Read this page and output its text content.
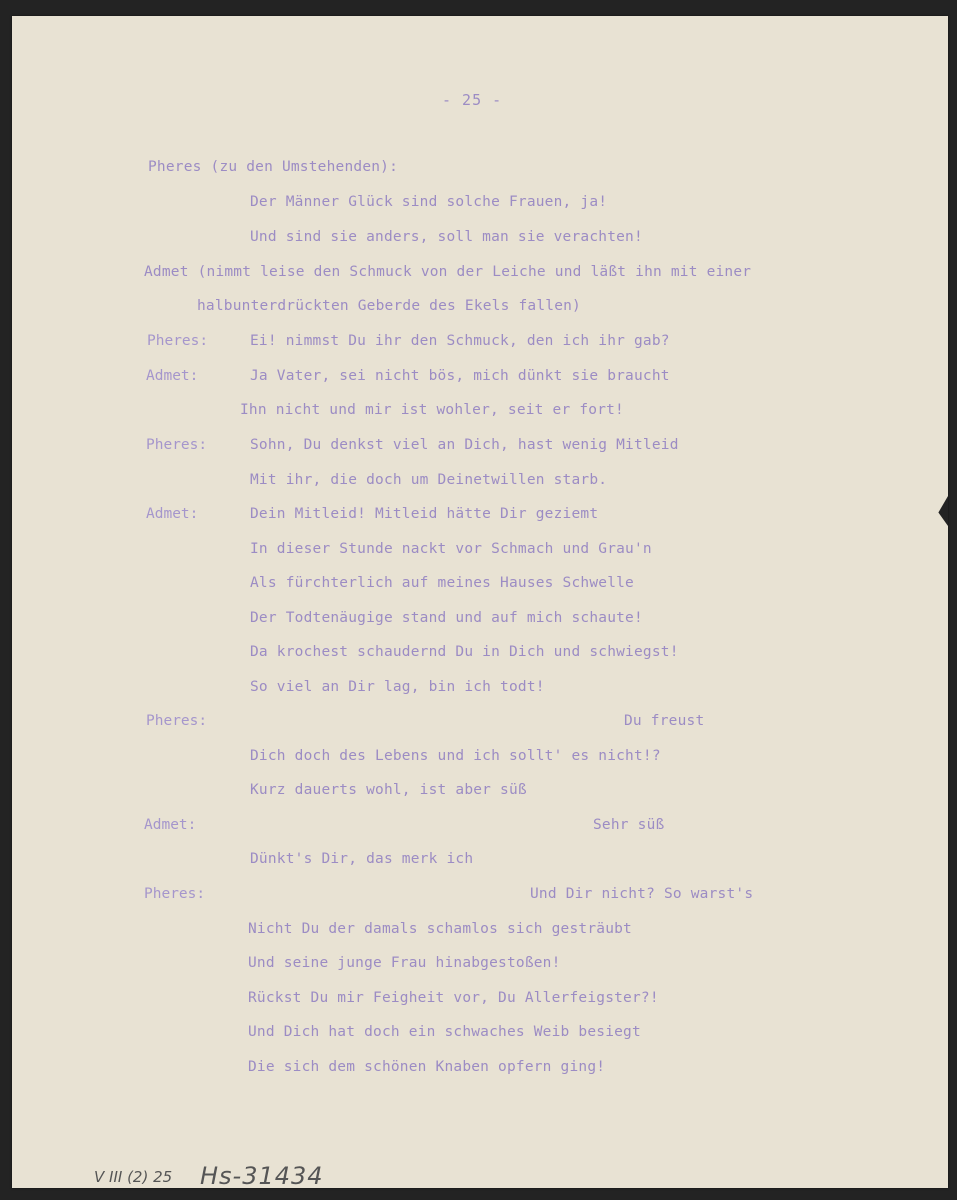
- 25 -
Pheres (zu den Umstehenden):
Der Männer Glück sind solche Frauen, ja!
Und sind sie anders, soll man sie verachten!
Admet (nimmt leise den Schmuck von der Leiche und läßt ihn mit einer
halbunterdrückten Geberde des Ekels fallen)
Pheres:	Ei! nimmst Du ihr den Schmuck, den ich ihr gab?
Admet:	Ja Vater, sei nicht bös, mich dünkt sie braucht
Ihn nicht und mir ist wohler, seit er fort!
Pheres:	Sohn, Du denkst viel an Dich, hast wenig Mitleid
Mit ihr, die doch um Deinetwillen starb.
Admet:	Dein Mitleid! Mitleid hätte Dir geziemt
In dieser Stunde nackt vor Schmach und Grau'n
Als fürchterlich auf meines Hauses Schwelle
Der Todtenäugige stand und auf mich schaute!
Da krochest schaudernd Du in Dich und schwiegst!
So viel an Dir lag, bin ich todt!
Pheres:	Du freust
Dich doch des Lebens und ich sollt' es nicht!?
Kurz dauerts wohl, ist aber süß
Admet:	Sehr süß
Dünkt's Dir, das merk ich
Pheres:	Und Dir nicht? So warst's
Nicht Du der damals schamlos sich gesträubt
Und seine junge Frau hinabgestoßen!
Rückst Du mir Feigheit vor, Du Allerfeigster?!
Und Dich hat doch ein schwaches Weib besiegt
Die sich dem schönen Knaben opfern ging!
V III (2) 25 Hs-31434
